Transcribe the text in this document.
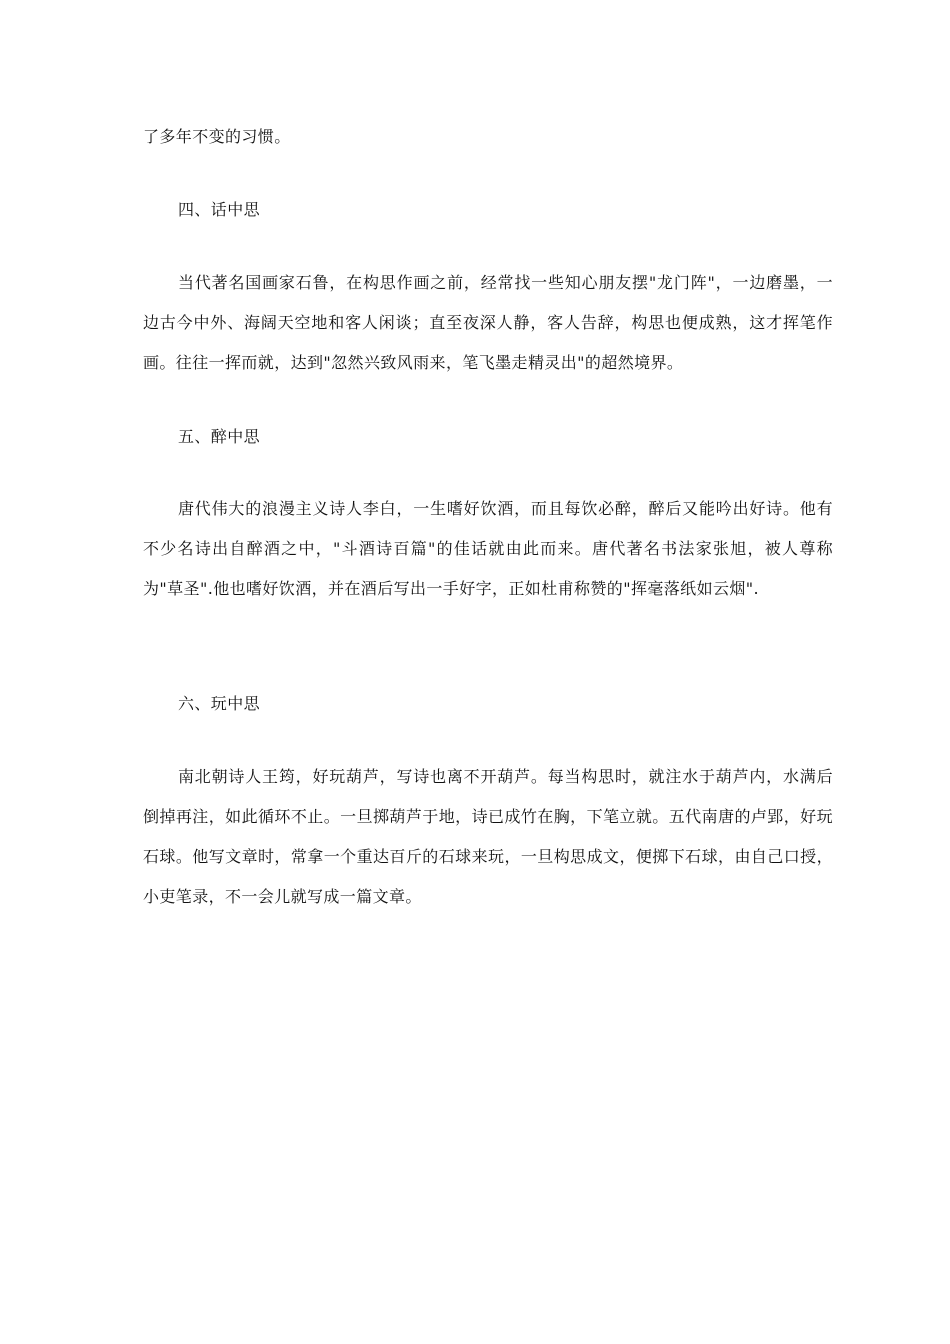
了多年不变的习惯。
四、话中思
当代著名国画家石鲁，在构思作画之前，经常找一些知心朋友摆"龙门阵"，一边磨墨，一边古今中外、海阔天空地和客人闲谈；直至夜深人静，客人告辞，构思也便成熟，这才挥笔作画。往往一挥而就，达到"忽然兴致风雨来，笔飞墨走精灵出"的超然境界。
五、醉中思
唐代伟大的浪漫主义诗人李白，一生嗜好饮酒，而且每饮必醉，醉后又能吟出好诗。他有不少名诗出自醉酒之中，"斗酒诗百篇"的佳话就由此而来。唐代著名书法家张旭，被人尊称为"草圣".他也嗜好饮酒，并在酒后写出一手好字，正如杜甫称赞的"挥毫落纸如云烟".
六、玩中思
南北朝诗人王筠，好玩葫芦，写诗也离不开葫芦。每当构思时，就注水于葫芦内，水满后倒掉再注，如此循环不止。一旦掷葫芦于地，诗已成竹在胸，下笔立就。五代南唐的卢郢，好玩石球。他写文章时，常拿一个重达百斤的石球来玩，一旦构思成文，便掷下石球，由自己口授，小吏笔录，不一会儿就写成一篇文章。
